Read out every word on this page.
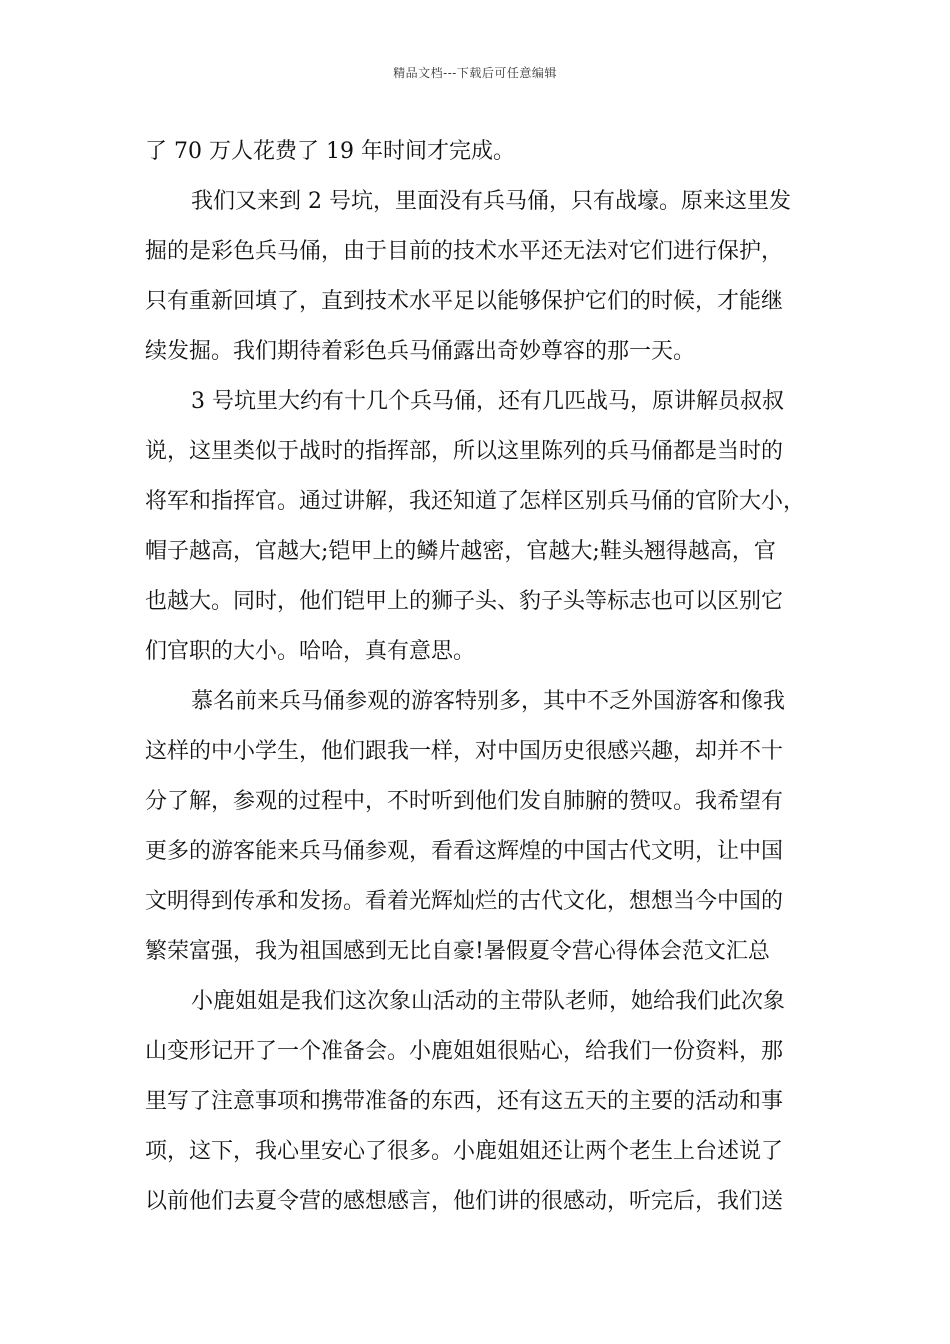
精品文档---下载后可任意编辑
了 70 万人花费了 19 年时间才完成。
我们又来到 2 号坑，里面没有兵马俑，只有战壕。原来这里发
掘的是彩色兵马俑，由于目前的技术水平还无法对它们进行保护，
只有重新回填了，直到技术水平足以能够保护它们的时候，才能继
续发掘。我们期待着彩色兵马俑露出奇妙尊容的那一天。
3 号坑里大约有十几个兵马俑，还有几匹战马，原讲解员叔叔
说，这里类似于战时的指挥部，所以这里陈列的兵马俑都是当时的
将军和指挥官。通过讲解，我还知道了怎样区别兵马俑的官阶大小，
帽子越高，官越大;铠甲上的鳞片越密，官越大;鞋头翘得越高，官
也越大。同时，他们铠甲上的狮子头、豹子头等标志也可以区别它
们官职的大小。哈哈，真有意思。
慕名前来兵马俑参观的游客特别多，其中不乏外国游客和像我
这样的中小学生，他们跟我一样，对中国历史很感兴趣，却并不十
分了解，参观的过程中，不时听到他们发自肺腑的赞叹。我希望有
更多的游客能来兵马俑参观，看看这辉煌的中国古代文明，让中国
文明得到传承和发扬。看着光辉灿烂的古代文化，想想当今中国的
繁荣富强，我为祖国感到无比自豪!暑假夏令营心得体会范文汇总
小鹿姐姐是我们这次象山活动的主带队老师，她给我们此次象
山变形记开了一个准备会。小鹿姐姐很贴心，给我们一份资料，那
里写了注意事项和携带准备的东西，还有这五天的主要的活动和事
项，这下，我心里安心了很多。小鹿姐姐还让两个老生上台述说了
以前他们去夏令营的感想感言，他们讲的很感动，听完后，我们送
